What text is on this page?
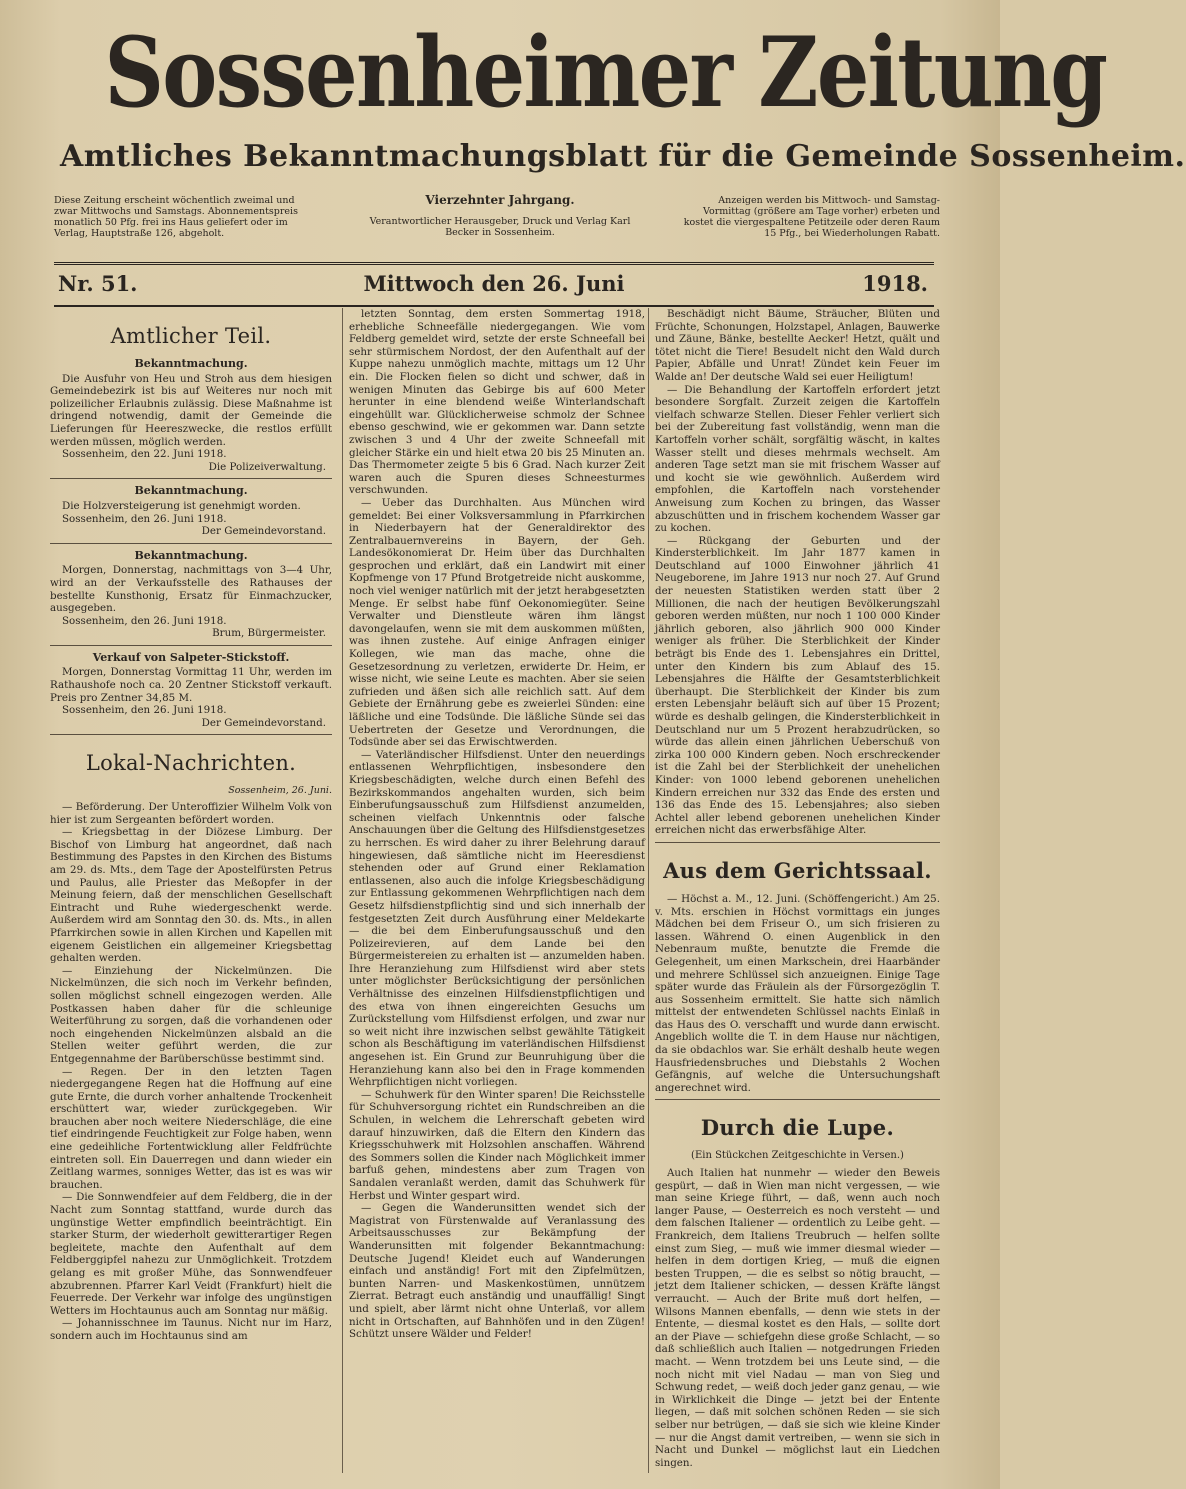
Sossenheimer Zeitung
Amtliches Bekanntmachungsblatt für die Gemeinde Sossenheim.
Diese Zeitung erscheint wöchentlich zweimal und zwar Mittwochs und Samstags. Abonnementspreis monatlich 50 Pfg. frei ins Haus geliefert oder im Verlag, Hauptstraße 126, abgeholt.
Vierzehnter Jahrgang.
Verantwortlicher Herausgeber, Druck und Verlag Karl Becker in Sossenheim.
Anzeigen werden bis Mittwoch- und Samstag-Vormittag (größere am Tage vorher) erbeten und kostet die viergespaltene Petitzeile oder deren Raum 15 Pfg., bei Wiederholungen Rabatt.
Nr. 51.	Mittwoch den 26. Juni	1918.
Amtlicher Teil.
Bekanntmachung.

Die Ausfuhr von Heu und Stroh aus dem hiesigen Gemeindebezirk ist bis auf Weiteres nur noch mit polizeilicher Erlaubnis zulässig. Diese Maßnahme ist dringend notwendig, damit der Gemeinde die Lieferungen für Heereszwecke, die restlos erfüllt werden müssen, möglich werden.

Sossenheim, den 22. Juni 1918.
Die Polizeiverwaltung.
Bekanntmachung.

Die Holzversteigerung ist genehmigt worden.

Sossenheim, den 26. Juni 1918.
Der Gemeindevorstand.
Bekanntmachung.

Morgen, Donnerstag, nachmittags von 3—4 Uhr, wird an der Verkaufsstelle des Rathauses der bestellte Kunsthonig, Ersatz für Einmachzucker, ausgegeben.

Sossenheim, den 26. Juni 1918.
Brum, Bürgermeister.
Verkauf von Salpeter-Stickstoff.

Morgen, Donnerstag Vormittag 11 Uhr, werden im Rathaushofe noch ca. 20 Zentner Stickstoff verkauft. Preis pro Zentner 34,85 M.

Sossenheim, den 26. Juni 1918.
Der Gemeindevorstand.
Lokal-Nachrichten.
Sossenheim, 26. Juni.

— Beförderung. Der Unteroffizier Wilhelm Volk von hier ist zum Sergeanten befördert worden.

— Kriegsbettag in der Diözese Limburg. Der Bischof von Limburg hat angeordnet, daß nach Bestimmung des Papstes in den Kirchen des Bistums am 29. ds. Mts., dem Tage der Apostelfürsten Petrus und Paulus, alle Priester das Meßopfer in der Meinung feiern, daß der menschlichen Gesellschaft Eintracht und Ruhe wiedergeschenkt werde. Außerdem wird am Sonntag den 30. ds. Mts., in allen Pfarrkirchen sowie in allen Kirchen und Kapellen mit eigenem Geistlichen ein allgemeiner Kriegsbettag gehalten werden.

— Einziehung der Nickelmünzen. Die Nickelmünzen, die sich noch im Verkehr befinden, sollen möglichst schnell eingezogen werden. Alle Postkassen haben daher für die schleunige Weiterführung zu sorgen, daß die vorhandenen oder noch eingehenden Nickelmünzen alsbald an die Stellen weiter geführt werden, die zur Entgegennahme der Barüberschüsse bestimmt sind.

— Regen. Der in den letzten Tagen niedergegangene Regen hat die Hoffnung auf eine gute Ernte, die durch vorher anhaltende Trockenheit erschüttert war, wieder zurückgegeben. Wir brauchen aber noch weitere Niederschläge, die eine tief eindringende Feuchtigkeit zur Folge haben, wenn eine gedeihliche Fortentwicklung aller Feldfrüchte eintreten soll. Ein Dauerregen und dann wieder ein Zeitlang warmes, sonniges Wetter, das ist es was wir brauchen.

— Die Sonnwendfeier auf dem Feldberg, die in der Nacht zum Sonntag stattfand, wurde durch das ungünstige Wetter empfindlich beeinträchtigt. Ein starker Sturm, der wiederholt gewitterartiger Regen begleitete, machte den Aufenthalt auf dem Feldberggipfel nahezu zur Unmöglichkeit. Trotzdem gelang es mit großer Mühe, das Sonnwendfeuer abzubrennen. Pfarrer Karl Veidt (Frankfurt) hielt die Feuerrede. Der Verkehr war infolge des ungünstigen Wetters im Hochtaunus auch am Sonntag nur mäßig.

— Johannisschnee im Taunus. Nicht nur im Harz, sondern auch im Hochtaunus sind am

letzten Sonntag, dem ersten Sommertag 1918, erhebliche Schneefälle niedergegangen. Wie vom Feldberg gemeldet wird, setzte der erste Schneefall bei sehr stürmischem Nordost, der den Aufenthalt auf der Kuppe nahezu unmöglich machte, mittags um 12 Uhr ein. Die Flocken fielen so dicht und schwer, daß in wenigen Minuten das Gebirge bis auf 600 Meter herunter in eine blendend weiße Winterlandschaft eingehüllt war. Glücklicherweise schmolz der Schnee ebenso geschwind, wie er gekommen war. Dann setzte zwischen 3 und 4 Uhr der zweite Schneefall mit gleicher Stärke ein und hielt etwa 20 bis 25 Minuten an. Das Thermometer zeigte 5 bis 6 Grad. Nach kurzer Zeit waren auch die Spuren dieses Schneesturmes verschwunden.

— Ueber das Durchhalten. Aus München wird gemeldet: Bei einer Volksversammlung in Pfarrkirchen in Niederbayern hat der Generaldirektor des Zentralbauernvereins in Bayern, der Geh. Landesökonomierat Dr. Heim über das Durchhalten gesprochen und erklärt, daß ein Landwirt mit einer Kopfmenge von 17 Pfund Brotgetreide nicht auskomme, noch viel weniger natürlich mit der jetzt herabgesetzten Menge. Er selbst habe fünf Oekonomiegüter. Seine Verwalter und Dienstleute wären ihm längst davongelaufen, wenn sie mit dem auskommen müßten, was ihnen zustehe. Auf einige Anfragen einiger Kollegen, wie man das mache, ohne die Gesetzesordnung zu verletzen, erwiderte Dr. Heim, er wisse nicht, wie seine Leute es machten. Aber sie seien zufrieden und äßen sich alle reichlich satt. Auf dem Gebiete der Ernährung gebe es zweierlei Sünden: eine läßliche und eine Todsünde. Die läßliche Sünde sei das Uebertreten der Gesetze und Verordnungen, die Todsünde aber sei das Erwischtwerden.

— Vaterländischer Hilfsdienst. Unter den neuerdings entlassenen Wehrpflichtigen, insbesondere den Kriegsbeschädigten, welche durch einen Befehl des Bezirkskommandos angehalten wurden, sich beim Einberufungsausschuß zum Hilfsdienst anzumelden, scheinen vielfach Unkenntnis oder falsche Anschauungen über die Geltung des Hilfsdienstgesetzes zu herrschen. Es wird daher zu ihrer Belehrung darauf hingewiesen, daß sämtliche nicht im Heeresdienst stehenden oder auf Grund einer Reklamation entlassenen, also auch die infolge Kriegsbeschädigung zur Entlassung gekommenen Wehrpflichtigen nach dem Gesetz hilfsdienstpflichtig sind und sich innerhalb der festgesetzten Zeit durch Ausführung einer Meldekarte — die bei dem Einberufungsausschuß und den Polizeirevieren, auf dem Lande bei den Bürgermeistereien zu erhalten ist — anzumelden haben. Ihre Heranziehung zum Hilfsdienst wird aber stets unter möglichster Berücksichtigung der persönlichen Verhältnisse des einzelnen Hilfsdienstpflichtigen und des etwa von ihnen eingereichten Gesuchs um Zurückstellung vom Hilfsdienst erfolgen, und zwar nur so weit nicht ihre inzwischen selbst gewählte Tätigkeit schon als Beschäftigung im vaterländischen Hilfsdienst angesehen ist. Ein Grund zur Beunruhigung über die Heranziehung kann also bei den in Frage kommenden Wehrpflichtigen nicht vorliegen.

— Schuhwerk für den Winter sparen! Die Reichsstelle für Schuhversorgung richtet ein Rundschreiben an die Schulen, in welchem die Lehrerschaft gebeten wird darauf hinzuwirken, daß die Eltern den Kindern das Kriegsschuhwerk mit Holzsohlen anschaffen. Während des Sommers sollen die Kinder nach Möglichkeit immer barfuß gehen, mindestens aber zum Tragen von Sandalen veranlaßt werden, damit das Schuhwerk für Herbst und Winter gespart wird.

— Gegen die Wanderunsitten wendet sich der Magistrat von Fürstenwalde auf Veranlassung des Arbeitsausschusses zur Bekämpfung der Wanderunsitten mit folgender Bekanntmachung: Deutsche Jugend! Kleidet euch auf Wanderungen einfach und anständig! Fort mit den Zipfelmützen, bunten Narren- und Maskenkostümen, unnützem Zierrat. Betragt euch anständig und unauffällig! Singt und spielt, aber lärmt nicht ohne Unterlaß, vor allem nicht in Ortschaften, auf Bahnhöfen und in den Zügen! Schützt unsere Wälder und Felder!

Beschädigt nicht Bäume, Sträucher, Blüten und Früchte, Schonungen, Holzstapel, Anlagen, Bauwerke und Zäune, Bänke, bestellte Aecker! Hetzt, quält und tötet nicht die Tiere! Besudelt nicht den Wald durch Papier, Abfälle und Unrat! Zündet kein Feuer im Walde an! Der deutsche Wald sei euer Heiligtum!

— Die Behandlung der Kartoffeln erfordert jetzt besondere Sorgfalt. Zurzeit zeigen die Kartoffeln vielfach schwarze Stellen. Dieser Fehler verliert sich bei der Zubereitung fast vollständig, wenn man die Kartoffeln vorher schält, sorgfältig wäscht, in kaltes Wasser stellt und dieses mehrmals wechselt. Am anderen Tage setzt man sie mit frischem Wasser auf und kocht sie wie gewöhnlich. Außerdem wird empfohlen, die Kartoffeln nach vorstehender Anweisung zum Kochen zu bringen, das Wasser abzuschütten und in frischem kochendem Wasser gar zu kochen.

— Rückgang der Geburten und der Kindersterblichkeit. Im Jahr 1877 kamen in Deutschland auf 1000 Einwohner jährlich 41 Neugeborene, im Jahre 1913 nur noch 27. Auf Grund der neuesten Statistiken werden statt über 2 Millionen, die nach der heutigen Bevölkerungszahl geboren werden müßten, nur noch 1 100 000 Kinder jährlich geboren, also jährlich 900 000 Kinder weniger als früher. Die Sterblichkeit der Kinder beträgt bis Ende des 1. Lebensjahres ein Drittel, unter den Kindern bis zum Ablauf des 15. Lebensjahres die Hälfte der Gesamtsterblichkeit überhaupt. Die Sterblichkeit der Kinder bis zum ersten Lebensjahr beläuft sich auf über 15 Prozent; würde es deshalb gelingen, die Kindersterblichkeit in Deutschland nur um 5 Prozent herabzudrücken, so würde das allein einen jährlichen Ueberschuß von zirka 100 000 Kindern geben. Noch erschreckender ist die Zahl bei der Sterblichkeit der unehelichen Kinder: von 1000 lebend geborenen unehelichen Kindern erreichen nur 332 das Ende des ersten und 136 das Ende des 15. Lebensjahres; also sieben Achtel aller lebend geborenen unehelichen Kinder erreichen nicht das erwerbsfähige Alter.

Aus dem Gerichtssaal.

— Höchst a. M., 12. Juni. (Schöffengericht.) Am 25. v. Mts. erschien in Höchst vormittags ein junges Mädchen bei dem Friseur O., um sich frisieren zu lassen. Während O. einen Augenblick in den Nebenraum mußte, benutzte die Fremde die Gelegenheit, um einen Markschein, drei Haarbänder und mehrere Schlüssel sich anzueignen. Einige Tage später wurde das Fräulein als der Fürsorgezöglin T. aus Sossenheim ermittelt. Sie hatte sich nämlich mittelst der entwendeten Schlüssel nachts Einlaß in das Haus des O. verschafft und wurde dann erwischt. Angeblich wollte die T. in dem Hause nur nächtigen, da sie obdachlos war. Sie erhält deshalb heute wegen Hausfriedensbruches und Diebstahls 2 Wochen Gefängnis, auf welche die Untersuchungshaft angerechnet wird.

Durch die Lupe.
(Ein Stückchen Zeitgeschichte in Versen.)

Auch Italien hat nunmehr — wieder den Beweis gespürt, — daß in Wien man nicht vergessen, — wie man seine Kriege führt, — daß, wenn auch noch langer Pause, — Oesterreich es noch versteht — und dem falschen Italiener — ordentlich zu Leibe geht. — Frankreich, dem Italiens Treubruch — helfen sollte einst zum Sieg, — muß wie immer diesmal wieder — helfen in dem dortigen Krieg, — muß die eignen besten Truppen, — die es selbst so nötig braucht, — jetzt dem Italiener schicken, — dessen Kräfte längst verraucht. — Auch der Brite muß dort helfen, — Wilsons Mannen ebenfalls, — denn wie stets in der Entente, — diesmal kostet es den Hals, — sollte dort an der Piave — schiefgehn diese große Schlacht, — so daß schließlich auch Italien — notgedrungen Frieden macht. — Wenn trotzdem bei uns Leute sind, — die noch nicht mit viel Nadau — man von Sieg und Schwung redet, — weiß doch jeder ganz genau, — wie in Wirklichkeit die Dinge — jetzt bei der Entente liegen, — daß mit solchen schönen Reden — sie sich selber nur betrügen, — daß sie sich wie kleine Kinder — nur die Angst damit vertreiben, — wenn sie sich in Nacht und Dunkel — möglichst laut ein Liedchen singen.
